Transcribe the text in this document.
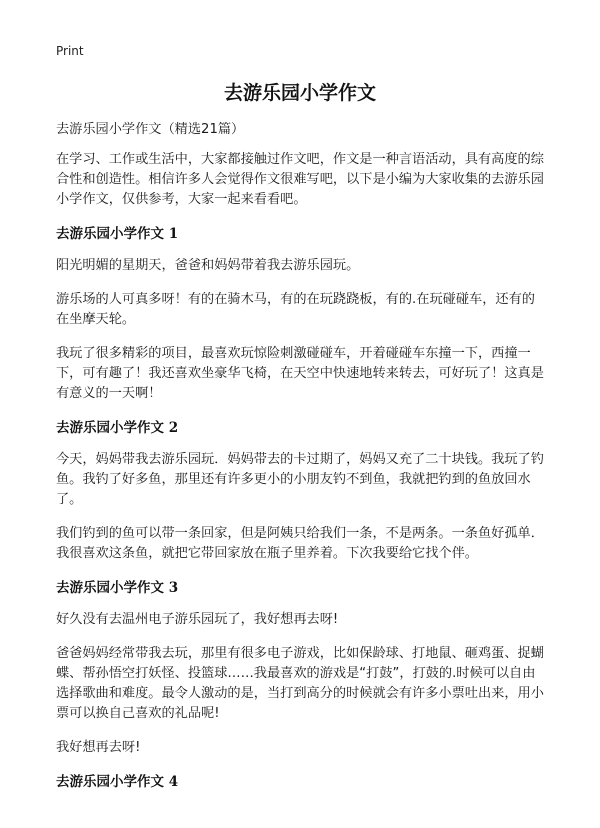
Print
去游乐园小学作文

去游乐园小学作文（精选21篇）

在学习、工作或生活中，大家都接触过作文吧，作文是一种言语活动，具有高度的综合性和创造性。相信许多人会觉得作文很难写吧，以下是小编为大家收集的去游乐园小学作文，仅供参考，大家一起来看看吧。

去游乐园小学作文 1

阳光明媚的星期天，爸爸和妈妈带着我去游乐园玩。

游乐场的人可真多呀！有的在骑木马，有的在玩跷跷板，有的.在玩碰碰车，还有的在坐摩天轮。

我玩了很多精彩的项目，最喜欢玩惊险刺激碰碰车，开着碰碰车东撞一下，西撞一下，可有趣了！我还喜欢坐豪华飞椅，在天空中快速地转来转去，可好玩了！这真是有意义的一天啊！

去游乐园小学作文 2

今天，妈妈带我去游乐园玩．妈妈带去的卡过期了，妈妈又充了二十块钱。我玩了钓鱼。我钓了好多鱼，那里还有许多更小的小朋友钓不到鱼，我就把钓到的鱼放回水了。

我们钓到的鱼可以带一条回家，但是阿姨只给我们一条，不是两条。一条鱼好孤单．我很喜欢这条鱼，就把它带回家放在瓶子里养着。下次我要给它找个伴。

去游乐园小学作文 3

好久没有去温州电子游乐园玩了，我好想再去呀!

爸爸妈妈经常带我去玩，那里有很多电子游戏，比如保龄球、打地鼠、砸鸡蛋、捉蝴蝶、帮孙悟空打妖怪、投篮球……我最喜欢的游戏是“打鼓”，打鼓的.时候可以自由选择歌曲和难度。最令人激动的是，当打到高分的时候就会有许多小票吐出来，用小票可以换自己喜欢的礼品呢!

我好想再去呀!

去游乐园小学作文 4
